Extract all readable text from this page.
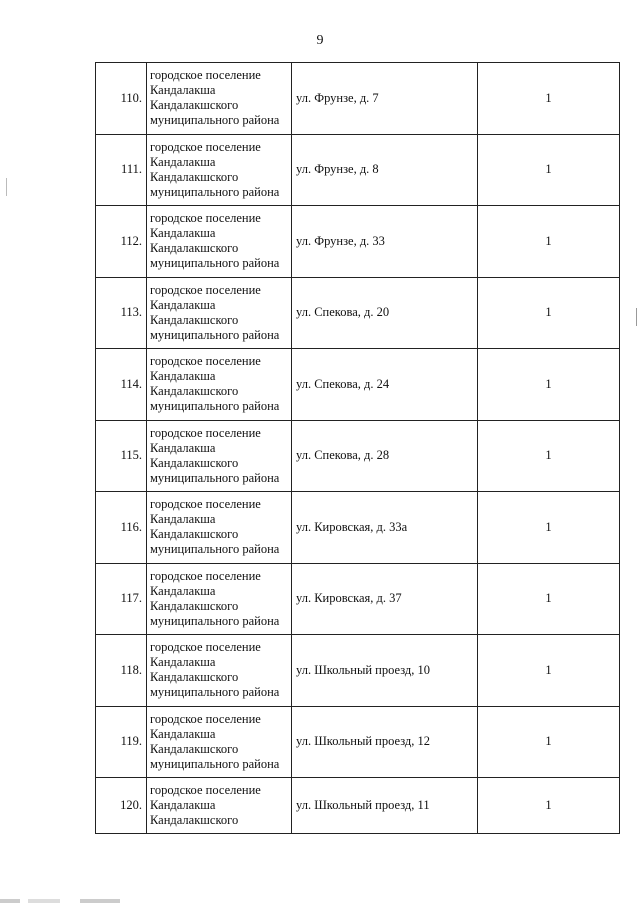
9
110.	городское поселение
Кандалакша
Кандалакшского
муниципального района	ул. Фрунзе, д. 7	1
111.	городское поселение
Кандалакша
Кандалакшского
муниципального района	ул. Фрунзе, д. 8	1
112.	городское поселение
Кандалакша
Кандалакшского
муниципального района	ул. Фрунзе, д. 33	1
113.	городское поселение
Кандалакша
Кандалакшского
муниципального района	ул. Спекова, д. 20	1
114.	городское поселение
Кандалакша
Кандалакшского
муниципального района	ул. Спекова, д. 24	1
115.	городское поселение
Кандалакша
Кандалакшского
муниципального района	ул. Спекова, д. 28	1
116.	городское поселение
Кандалакша
Кандалакшского
муниципального района	ул. Кировская, д. 33а	1
117.	городское поселение
Кандалакша
Кандалакшского
муниципального района	ул. Кировская, д. 37	1
118.	городское поселение
Кандалакша
Кандалакшского
муниципального района	ул. Школьный проезд, 10	1
119.	городское поселение
Кандалакша
Кандалакшского
муниципального района	ул. Школьный проезд, 12	1
120.	городское поселение
Кандалакша
Кандалакшского	ул. Школьный проезд, 11	1
